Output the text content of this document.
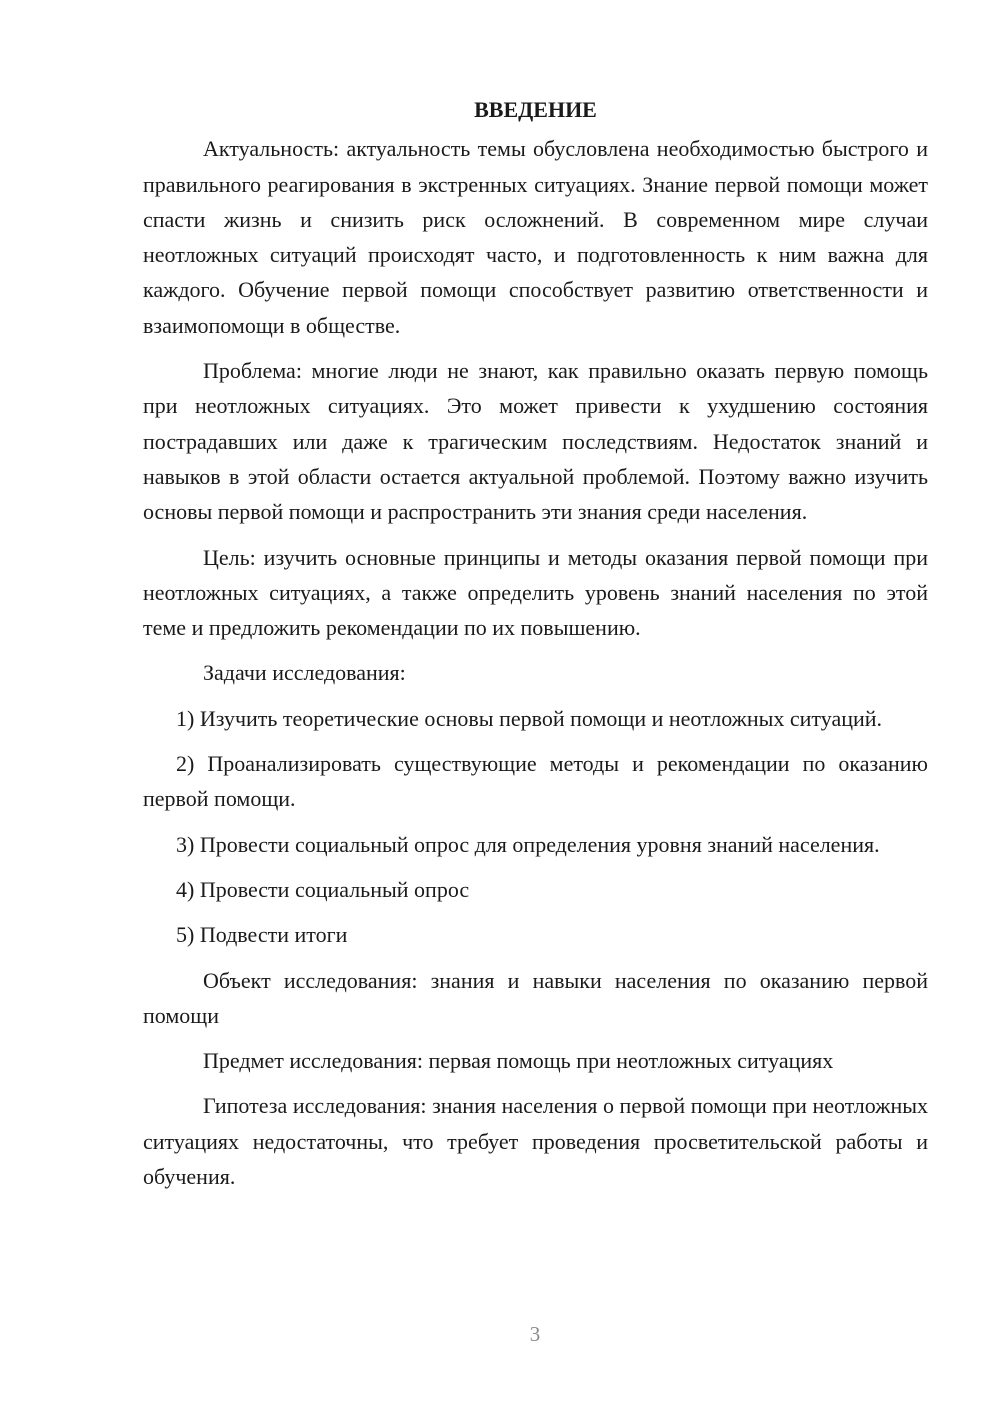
ВВЕДЕНИЕ

Актуальность: актуальность темы обусловлена необходимостью быстрого и правильного реагирования в экстренных ситуациях. Знание первой помощи может спасти жизнь и снизить риск осложнений. В современном мире случаи неотложных ситуаций происходят часто, и подготовленность к ним важна для каждого. Обучение первой помощи способствует развитию ответственности и взаимопомощи в обществе.

Проблема: многие люди не знают, как правильно оказать первую помощь при неотложных ситуациях. Это может привести к ухудшению состояния пострадавших или даже к трагическим последствиям. Недостаток знаний и навыков в этой области остается актуальной проблемой. Поэтому важно изучить основы первой помощи и распространить эти знания среди населения.

Цель: изучить основные принципы и методы оказания первой помощи при неотложных ситуациях, а также определить уровень знаний населения по этой теме и предложить рекомендации по их повышению.

Задачи исследования:

1) Изучить теоретические основы первой помощи и неотложных ситуаций.

2) Проанализировать существующие методы и рекомендации по оказанию первой помощи.

3) Провести социальный опрос для определения уровня знаний населения.

4) Провести социальный опрос

5) Подвести итоги

Объект исследования: знания и навыки населения по оказанию первой помощи

Предмет исследования: первая помощь при неотложных ситуациях

Гипотеза исследования: знания населения о первой помощи при неотложных ситуациях недостаточны, что требует проведения просветительской работы и обучения.

3
